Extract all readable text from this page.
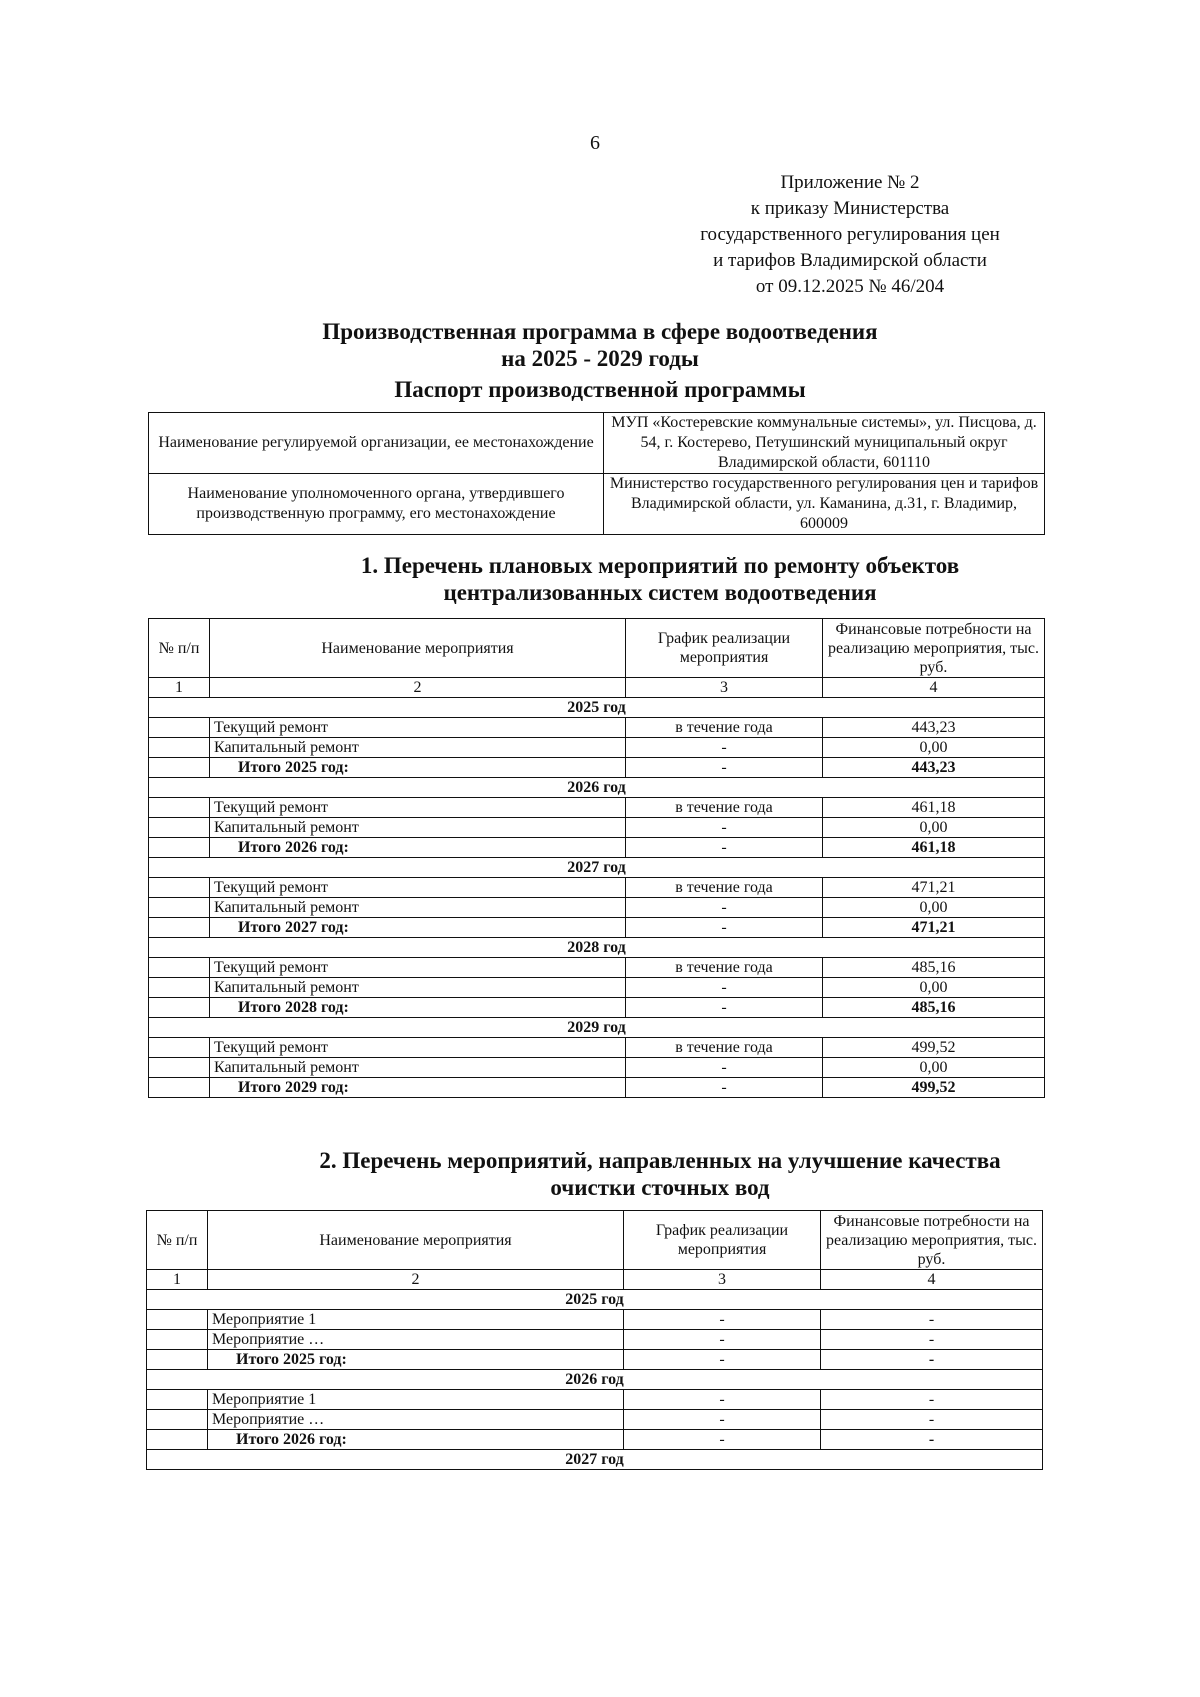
6
Приложение № 2
к приказу Министерства
государственного регулирования цен
и тарифов Владимирской области
от 09.12.2025 № 46/204
Производственная программа в сфере водоотведения
на 2025 - 2029 годы
Паспорт производственной программы
Наименование регулируемой организации, ее местонахождение	МУП «Костеревские коммунальные системы», ул. Писцова, д. 54, г. Костерево, Петушинский муниципальный округ Владимирской области, 601110
Наименование уполномоченного органа, утвердившего производственную программу, его местонахождение	Министерство государственного регулирования цен и тарифов Владимирской области, ул. Каманина, д.31, г. Владимир, 600009
1. Перечень плановых мероприятий по ремонту объектов
централизованных систем водоотведения
№ п/п	Наименование мероприятия	График реализации мероприятия	Финансовые потребности на реализацию мероприятия, тыс. руб.
1	2	3	4
2025 год			
	Текущий ремонт	в течение года	443,23
	Капитальный ремонт	-	0,00
	Итого 2025 год:	-	443,23
2026 год			
	Текущий ремонт	в течение года	461,18
	Капитальный ремонт	-	0,00
	Итого 2026 год:	-	461,18
2027 год			
	Текущий ремонт	в течение года	471,21
	Капитальный ремонт	-	0,00
	Итого 2027 год:	-	471,21
2028 год			
	Текущий ремонт	в течение года	485,16
	Капитальный ремонт	-	0,00
	Итого 2028 год:	-	485,16
2029 год			
	Текущий ремонт	в течение года	499,52
	Капитальный ремонт	-	0,00
	Итого 2029 год:	-	499,52
2. Перечень мероприятий, направленных на улучшение качества
очистки сточных вод
№ п/п	Наименование мероприятия	График реализации мероприятия	Финансовые потребности на реализацию мероприятия, тыс. руб.
1	2	3	4
2025 год			
	Мероприятие 1	-	-
	Мероприятие …	-	-
	Итого 2025 год:	-	-
2026 год			
	Мероприятие 1	-	-
	Мероприятие …	-	-
	Итого 2026 год:	-	-
2027 год			
